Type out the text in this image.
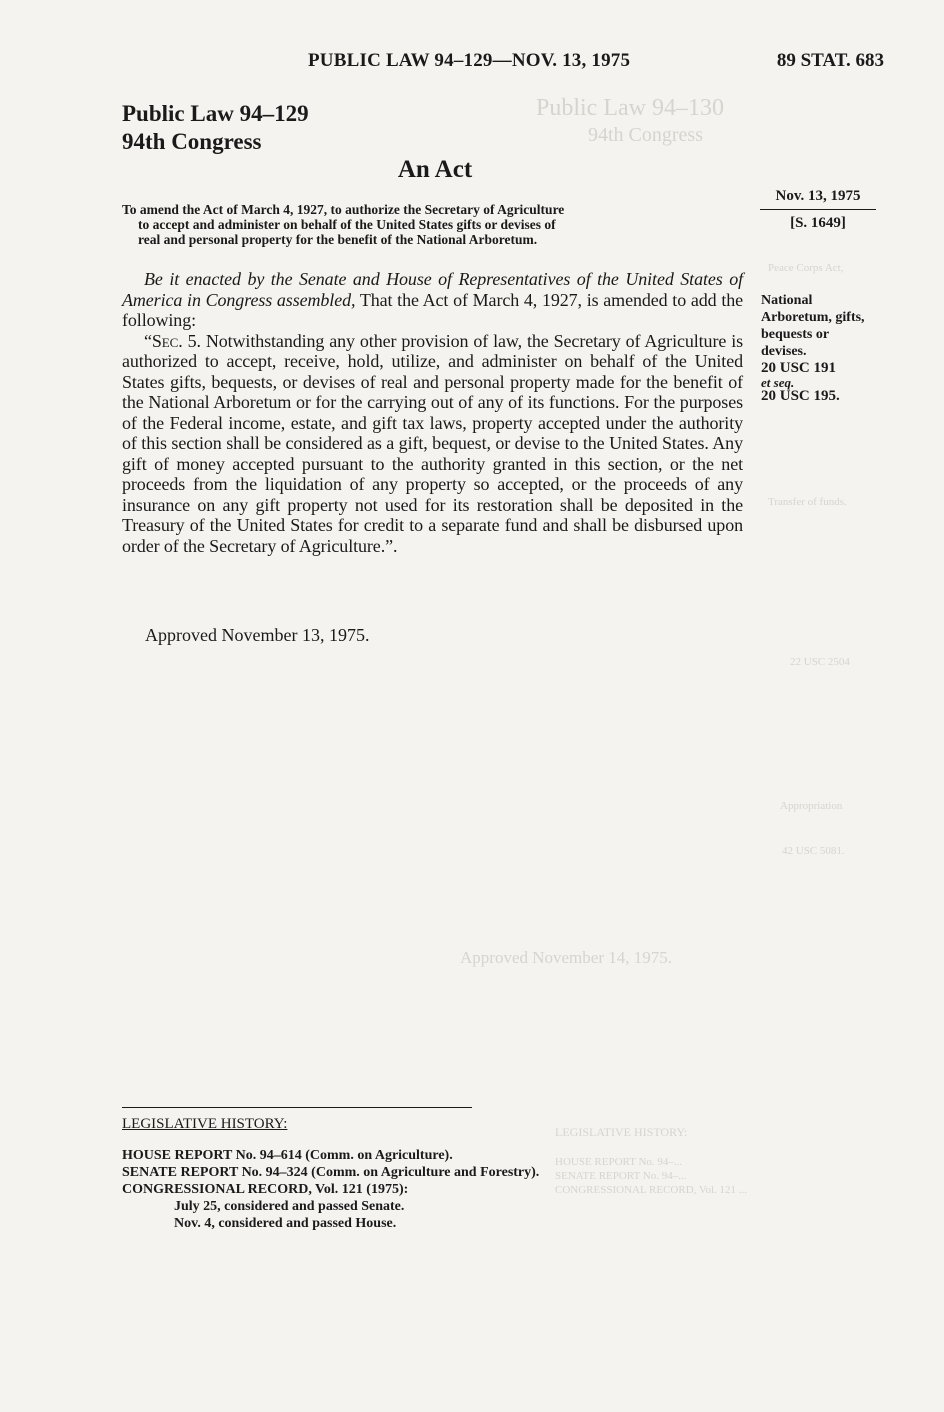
Public Law 94–130
94th Congress
Peace Corps Act,
Transfer of funds.
22 USC 2504
Appropriation
42 USC 5081.
Approved November 14, 1975.
LEGISLATIVE HISTORY:
HOUSE REPORT No. 94–...
SENATE REPORT No. 94–...
CONGRESSIONAL RECORD, Vol. 121 ...
PUBLIC LAW 94–129—NOV. 13, 1975	89 STAT. 683
Public Law 94–129
94th Congress
An Act
Nov. 13, 1975
[S. 1649]
To amend the Act of March 4, 1927, to authorize the Secretary of Agriculture
to accept and administer on behalf of the United States gifts or devises of
real and personal property for the benefit of the National Arboretum.

Be it enacted by the Senate and House of Representatives of the United States of America in Congress assembled, That the Act of March 4, 1927, is amended to add the following:

“Sec. 5. Notwithstanding any other provision of law, the Secretary of Agriculture is authorized to accept, receive, hold, utilize, and administer on behalf of the United States gifts, bequests, or devises of real and personal property made for the benefit of the National Arboretum or for the carrying out of any of its functions. For the purposes of the Federal income, estate, and gift tax laws, property accepted under the authority of this section shall be considered as a gift, bequest, or devise to the United States. Any gift of money accepted pursuant to the authority granted in this section, or the net proceeds from the liquidation of any property so accepted, or the proceeds of any insurance on any gift property not used for its restoration shall be deposited in the Treasury of the United States for credit to a separate fund and shall be disbursed upon order of the Secretary of Agriculture.”.

Approved November 13, 1975.
National
Arboretum, gifts,
bequests or
devises.
20 USC 191
et seq.
20 USC 195.
LEGISLATIVE HISTORY:
HOUSE REPORT No. 94–614 (Comm. on Agriculture).
SENATE REPORT No. 94–324 (Comm. on Agriculture and Forestry).
CONGRESSIONAL RECORD, Vol. 121 (1975):
July 25, considered and passed Senate.
Nov. 4, considered and passed House.
